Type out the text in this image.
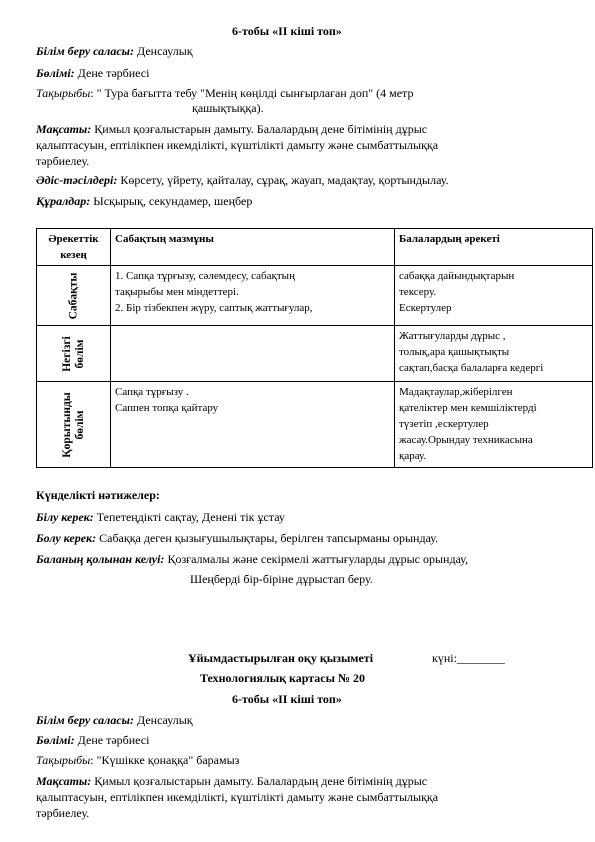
6-тобы «ІІ кіші топ»
Білім беру саласы: Денсаулық
Бөлімі: Дене тәрбиесі
Тақырыбы: " Тура бағытта тебу "Менің көңілді сынғырлаған доп" (4 метр
қашықтыққа).
Мақсаты: Қимыл қозғалыстарын дамыту. Балалардың дене бітімінің дұрыс
қалыптасуын, ептілікпен икемділікті, күштілікті дамыту және сымбаттылыққа
тәрбиелеу.
Әдіс-тәсілдері: Көрсету, үйрету, қайталау, сұрақ, жауап, мадақтау, қортындылау.
Құралдар: Ысқырық, секундамер, шеңбер
Әрекеттік кезең	Сабақтың мазмұны	Балалардың әрекеті

Сабақты	1. Сапқа тұрғызу, сәлемдесу, сабақтың
тақырыбы мен міндеттері.
2. Бір тізбекпен жүру, саптық жаттығулар,	сабаққа дайындықтарын
тексеру.
Ескертулер

Негізгі бөлім		Жаттығуларды дұрыс ,
толық,ара қашықтықты
сақтап,басқа балаларға кедергі

Қорытынды бөлім	Сапқа тұрғызу .
Саппен топқа қайтару	Мадақтаулар,жіберілген
қателіктер мен кемшіліктерді
түзетіп ,ескертулер
жасау.Орындау техникасына
қарау.
Күнделікті нәтижелер:
Білу керек: Тепетеңдікті сақтау, Денені тік ұстау
Болу керек: Сабаққа деген қызығушылықтары, берілген тапсырманы орындау.
Баланың қолынан келуі: Қозғалмалы және секірмелі жаттығуларды дұрыс орындау,
Шеңберді бір-біріне дұрыстап беру.
Ұйымдастырылған оқу қызыметі	күні:________
Технологиялық картасы № 20
6-тобы «ІІ кіші топ»
Білім беру саласы: Денсаулық
Бөлімі: Дене тәрбиесі
Тақырыбы: "Күшікке қонаққа" барамыз
Мақсаты: Қимыл қозғалыстарын дамыту. Балалардың дене бітімінің дұрыс
қалыптасуын, ептілікпен икемділікті, күштілікті дамыту және сымбаттылыққа
тәрбиелеу.
